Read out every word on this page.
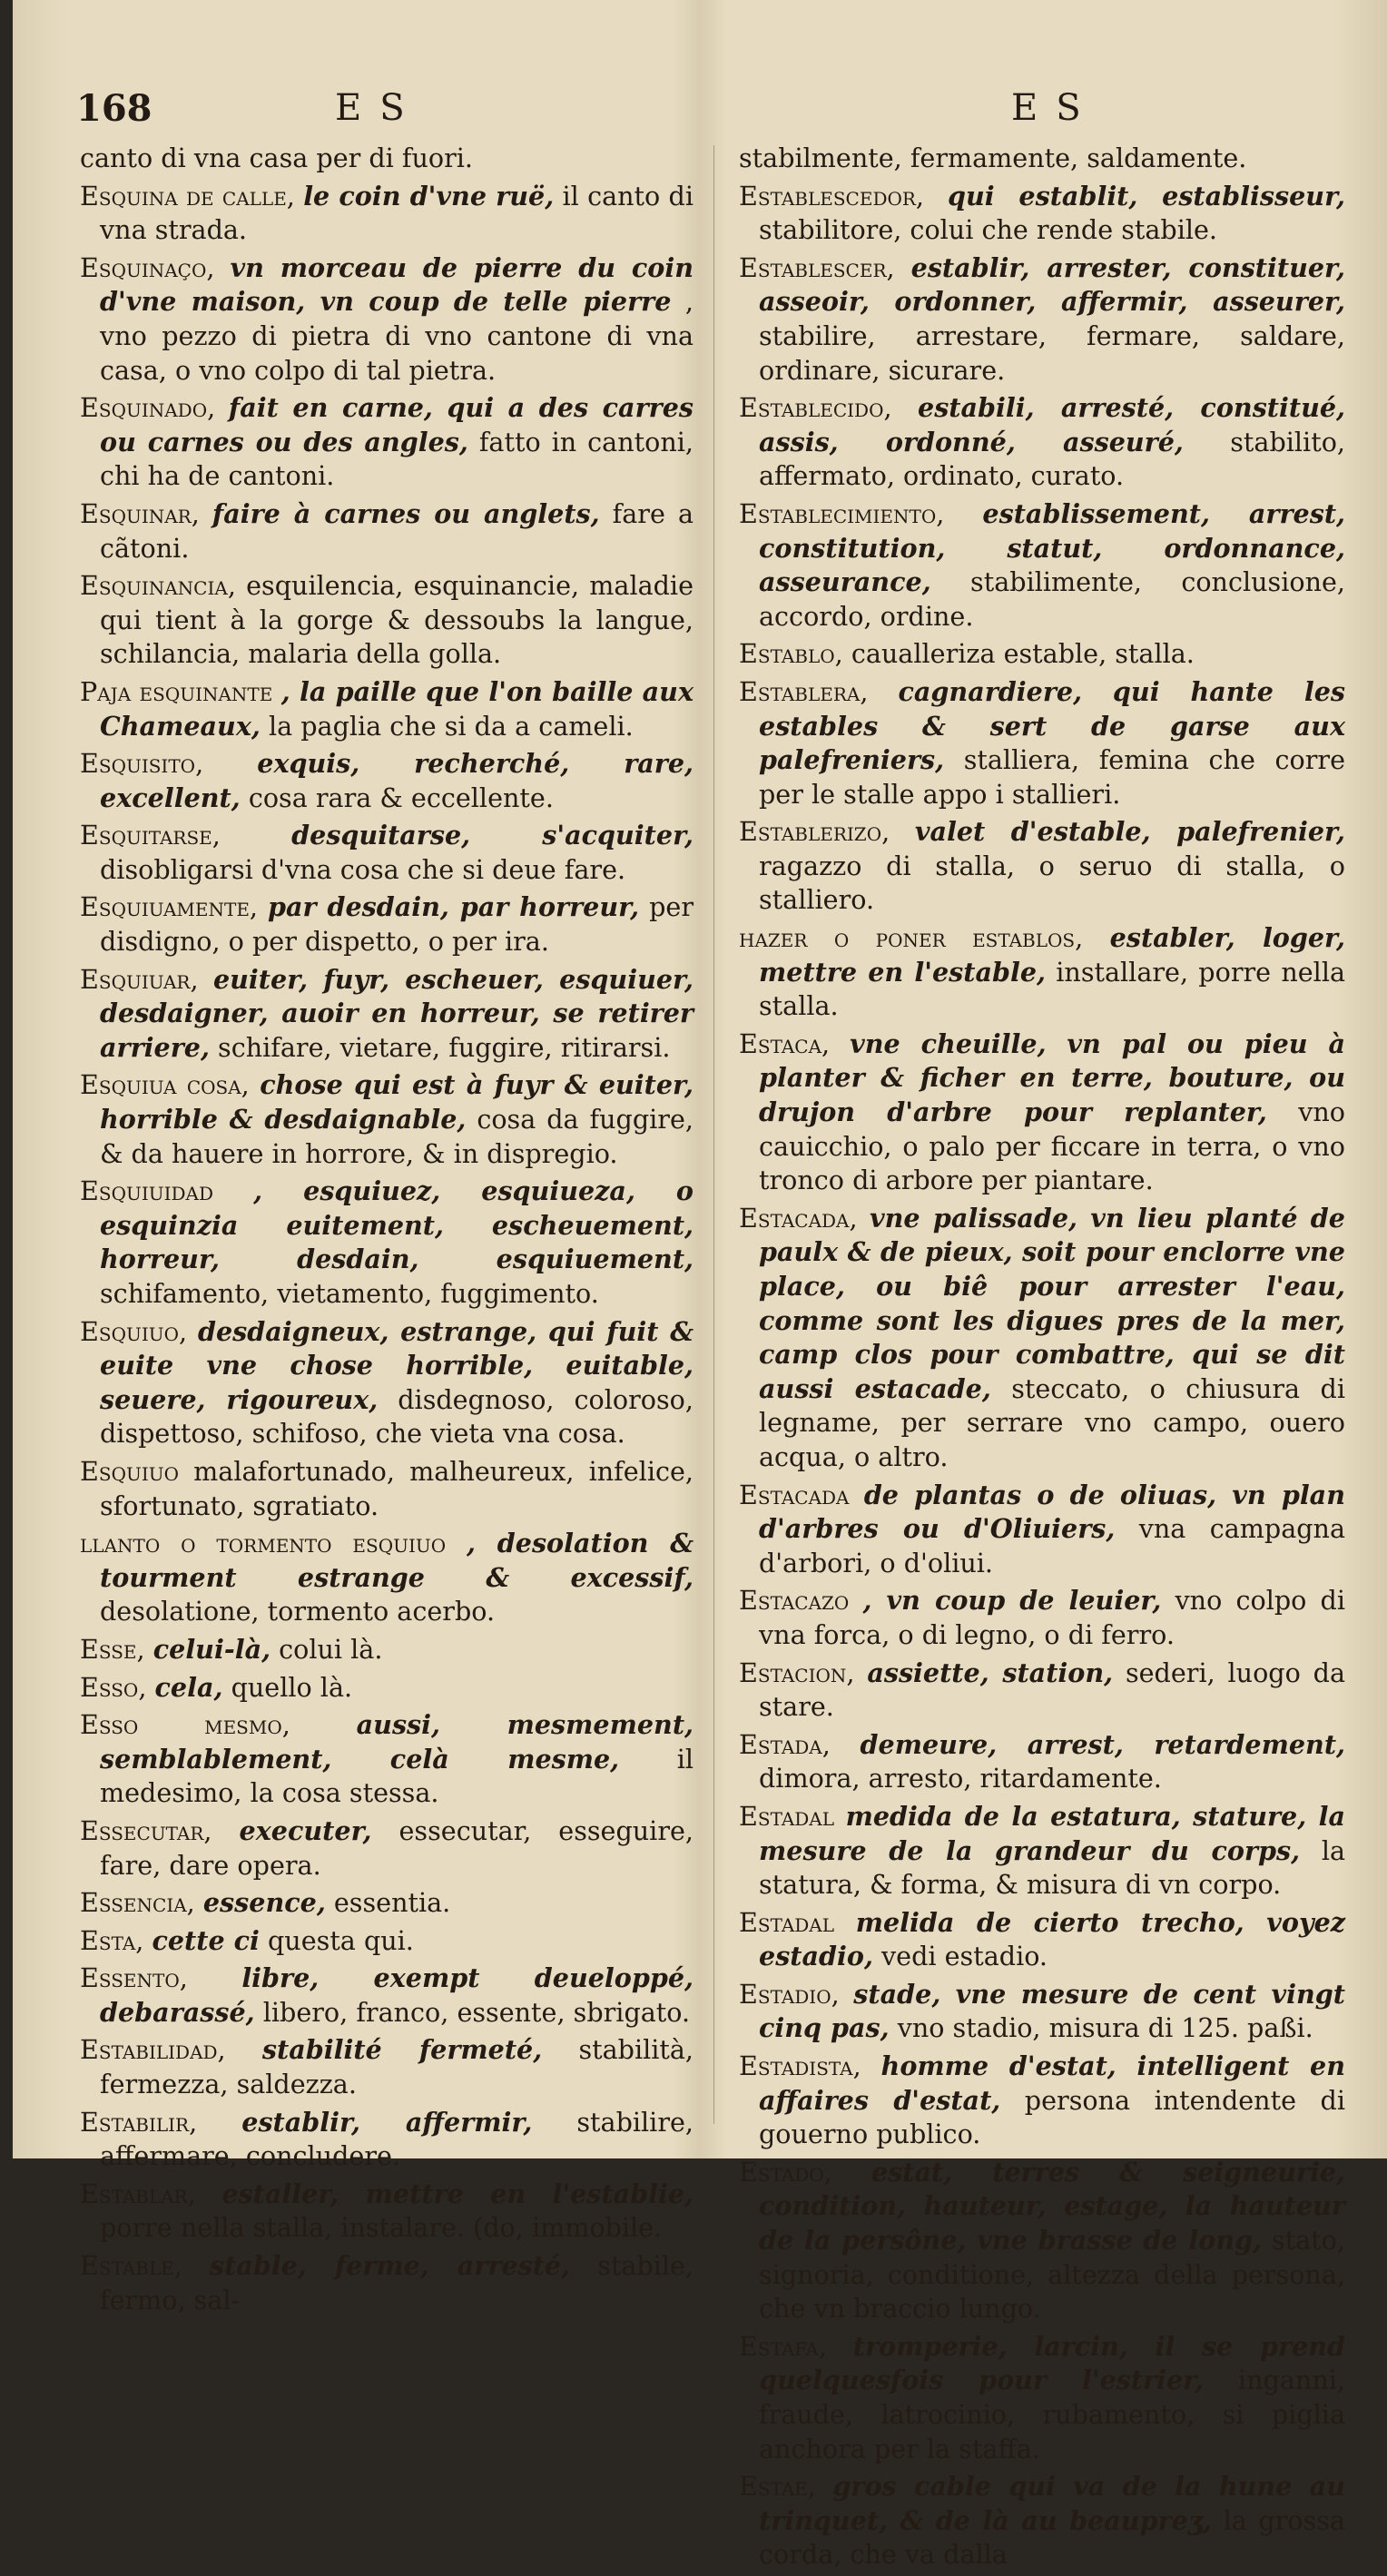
168	ES	ES
canto di vna casa per di fuori.
Esquina de calle, le coin d'vne ruë, il canto di vna strada.
Esquinaço, vn morceau de pierre du coin d'vne maison, vn coup de telle pierre , vno pezzo di pietra di vno cantone di vna casa, o vno colpo di tal pietra.
Esquinado, fait en carne, qui a des carres ou carnes ou des angles, fatto in cantoni, chi ha de cantoni.
Esquinar, faire à carnes ou anglets, fare a cãtoni.
Esquinancia, esquilencia, esquinancie, maladie qui tient à la gorge & dessoubs la langue, schilancia, malaria della golla.
Paja esquinante , la paille que l'on baille aux Chameaux, la paglia che si da a cameli.
Esquisito, exquis, recherché, rare, excellent, cosa rara & eccellente.
Esquitarse,	desquitarse, s'acquiter, disobligarsi d'vna cosa che si deue fare.
Esquiuamente, par desdain, par horreur, per disdigno, o per dispetto, o per ira.
Esquiuar, euiter, fuyr, escheuer, esquiuer, desdaigner, auoir en horreur, se retirer arriere, schifare, vietare, fuggire, ritirarsi.
Esquiua cosa, chose qui est à fuyr & euiter, horrible & desdaignable, cosa da fuggire, & da hauere in horrore, & in dispregio.
Esquiuidad , esquiuez, esquiueza, o esquinzia euitement, escheuement, horreur, desdain, esquiuement, schifamento, vietamento, fuggimento.
Esquiuo, desdaigneux, estrange, qui fuit & euite vne chose horrible, euitable, seuere, rigoureux, disdegnoso, coloroso, dispettoso, schifoso, che vieta vna cosa.
Esquiuo malafortunado, malheureux, infelice, sfortunato, sgratiato.
llanto o tormento esquiuo , desolation & tourment estrange & excessif, desolatione, tormento acerbo.
Esse, celui-là, colui là.
Esso, cela, quello là.
Esso mesmo,	aussi, mesmement, semblablement, celà mesme, il medesimo, la cosa stessa.
Essecutar, executer, essecutar, esseguire, fare, dare opera.
Essencia, essence, essentia.
Esta, cette ci questa qui.
Essento, libre, exempt deueloppé, debarassé, libero, franco, essente, sbrigato.
Estabilidad, stabilité fermeté, stabilità, fermezza, saldezza.
Estabilir, establir, affermir, stabilire, affermare, concludere.
Establar, estaller, mettre en l'establie, porre nella stalla, instalare. (do, immobile.
Estable, stable, ferme, arresté, stabile, fermo, sal-
stabilmente, fermamente, saldamente.
Establescedor, qui establit, establisseur, stabilitore, colui che rende stabile.
Establescer, establir, arrester, constituer, asseoir, ordonner, affermir, asseurer, stabilire, arrestare, fermare, saldare, ordinare, sicurare.
Establecido, estabili, arresté, constitué, assis, ordonné, asseuré, stabilito, affermato, ordinato, curato.
Establecimiento, establissement, arrest, constitution, statut, ordonnance, asseurance, stabilimente, conclusione, accordo, ordine.
Establo, caualleriza estable, stalla.
Establera, cagnardiere, qui hante les estables & sert de garse aux palefreniers, stalliera, femina che corre per le stalle appo i stallieri.
Establerizo, valet d'estable, palefrenier, ragazzo di stalla, o seruo di stalla, o stalliero.
hazer o poner establos, establer, loger, mettre en l'estable, installare, porre nella stalla.
Estaca, vne cheuille, vn pal ou pieu à planter & ficher en terre, bouture, ou drujon d'arbre pour replanter, vno cauicchio, o palo per ficcare in terra, o vno tronco di arbore per piantare.
Estacada, vne palissade, vn lieu planté de paulx & de pieux, soit pour enclorre vne place, ou biê pour arrester l'eau, comme sont les digues pres de la mer, camp clos pour combattre, qui se dit aussi estacade, steccato, o chiusura di legname, per serrare vno campo, ouero acqua, o altro.
Estacada de plantas o de oliuas, vn plan d'arbres ou d'Oliuiers, vna campagna d'arbori, o d'oliui.
Estacazo , vn coup de leuier, vno colpo di vna forca, o di legno, o di ferro.
Estacion, assiette, station, sederi, luogo da stare.
Estada, demeure, arrest, retardement, dimora, arresto, ritardamente.
Estadal medida de la estatura, stature, la mesure de la grandeur du corps, la statura, & forma, & misura di vn corpo.
Estadal melida de cierto trecho, voyez estadio, vedi estadio.
Estadio, stade, vne mesure de cent vingt cinq pas, vno stadio, misura di 125. paßi.
Estadista, homme d'estat, intelligent en affaires d'estat, persona intendente di gouerno publico.
Estado, estat, terres & seigneurie, condition, hauteur, estage, la hauteur de la persône, vne brasse de long, stato, signoria, conditione, altezza della persona, che vn braccio lungo.
Estafa, tromperie, larcin, il se prend quelquesfois pour l'estrier, inganni, fraude, latrocinio, rubamento, si piglia anchora per la staffa.
Estae, gros cable qui va de la hune au trinquet, & de là au beaupreʒ, la grossa corda, che va dalla
